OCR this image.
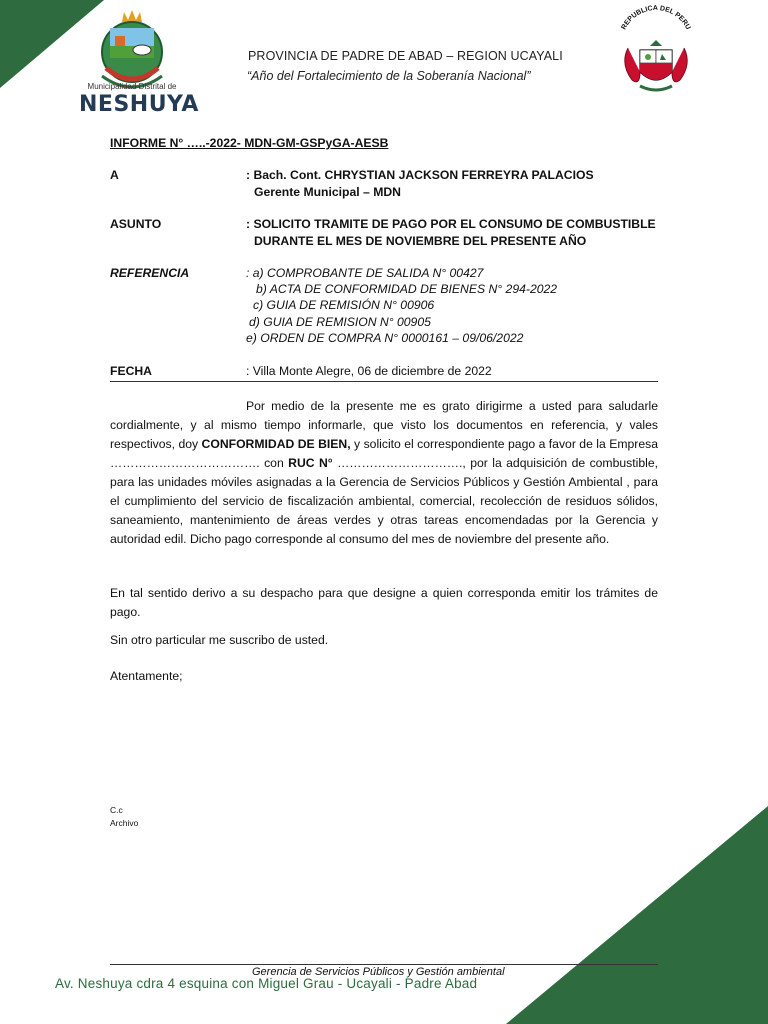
Municipalidad Distrital de
NESHUYA
PROVINCIA DE PADRE DE ABAD – REGION UCAYALI
“Año del Fortalecimiento de la Soberanía Nacional”
REPUBLICA DEL PERU
INFORME N° …..-2022- MDN-GM-GSPyGA-AESB
A	: Bach. Cont. CHRYSTIAN JACKSON FERREYRA PALACIOS
Gerente Municipal – MDN
ASUNTO	: SOLICITO TRAMITE DE PAGO POR EL CONSUMO DE COMBUSTIBLE
DURANTE EL MES DE NOVIEMBRE DEL PRESENTE AÑO
REFERENCIA	: a) COMPROBANTE DE SALIDA N° 00427
b) ACTA DE CONFORMIDAD DE BIENES N° 294-2022
c) GUIA DE REMISIÓN N° 00906
d) GUIA DE REMISION N° 00905
e) ORDEN DE COMPRA N° 0000161 – 09/06/2022
FECHA	: Villa Monte Alegre, 06 de diciembre de 2022

Por medio de la presente me es grato dirigirme a usted para saludarle cordialmente, y al mismo tiempo informarle, que visto los documentos en referencia, y vales respectivos, doy CONFORMIDAD DE BIEN, y solicito el correspondiente pago a favor de la Empresa ………………………………. con RUC N° …………………………., por la adquisición de combustible, para las unidades móviles asignadas a la Gerencia de Servicios Públicos y Gestión Ambiental , para el cumplimiento del servicio de fiscalización ambiental, comercial, recolección de residuos sólidos, saneamiento, mantenimiento de áreas verdes y otras tareas encomendadas por la Gerencia y autoridad edil. Dicho pago corresponde al consumo del mes de noviembre del presente año.

En tal sentido derivo a su despacho para que designe a quien corresponda emitir los trámites de pago.
Sin otro particular me suscribo de usted.
Atentamente;
C.c
Archivo
Gerencia de Servicios Públicos y Gestión ambiental
Av. Neshuya cdra 4 esquina con Miguel Grau - Ucayali - Padre Abad
